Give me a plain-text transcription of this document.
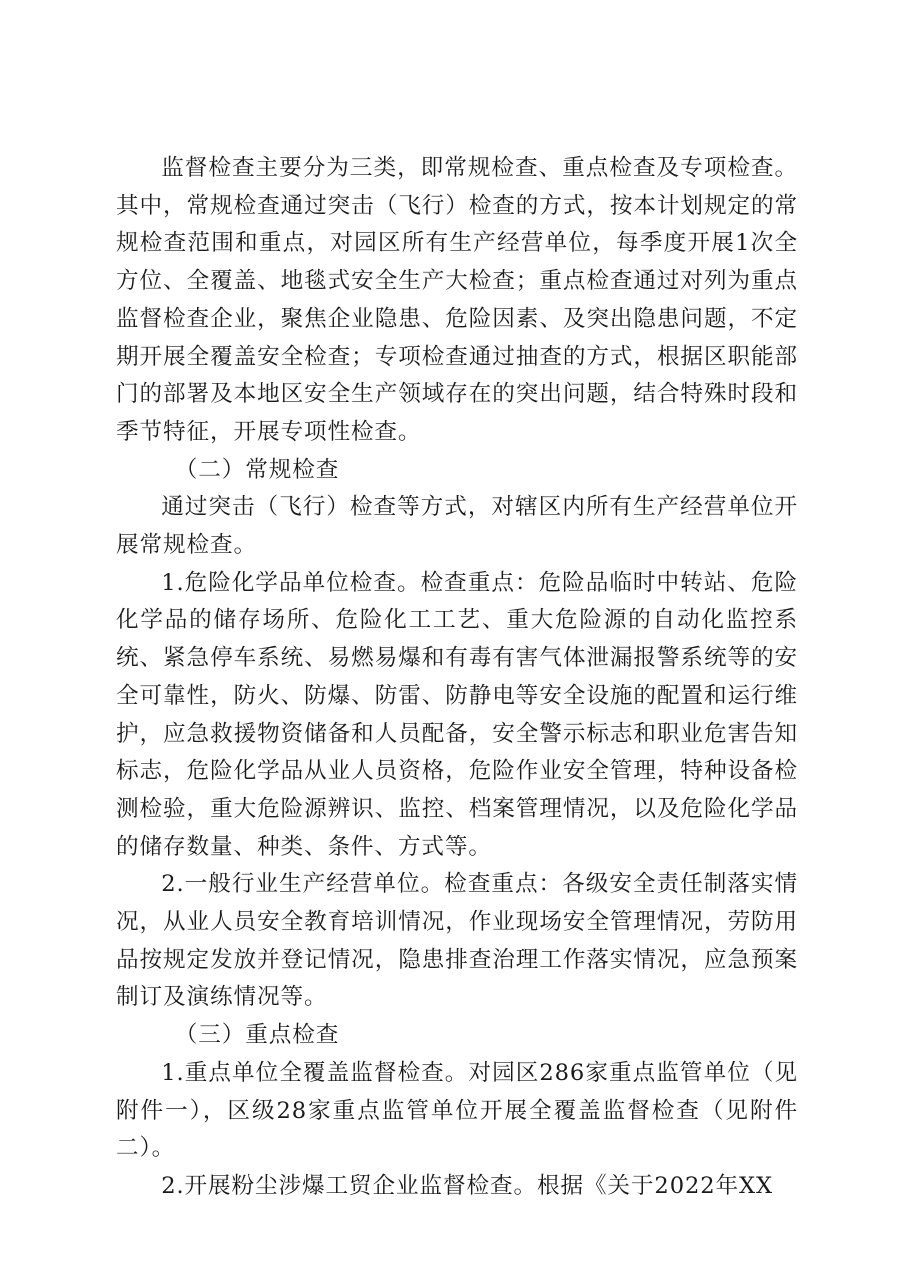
监督检查主要分为三类，即常规检查、重点检查及专项检查。其中，常规检查通过突击（飞行）检查的方式，按本计划规定的常规检查范围和重点，对园区所有生产经营单位，每季度开展1次全方位、全覆盖、地毯式安全生产大检查；重点检查通过对列为重点监督检查企业，聚焦企业隐患、危险因素、及突出隐患问题，不定期开展全覆盖安全检查；专项检查通过抽查的方式，根据区职能部门的部署及本地区安全生产领域存在的突出问题，结合特殊时段和季节特征，开展专项性检查。

（二）常规检查

通过突击（飞行）检查等方式，对辖区内所有生产经营单位开展常规检查。

1.危险化学品单位检查。检查重点：危险品临时中转站、危险化学品的储存场所、危险化工工艺、重大危险源的自动化监控系统、紧急停车系统、易燃易爆和有毒有害气体泄漏报警系统等的安全可靠性，防火、防爆、防雷、防静电等安全设施的配置和运行维护，应急救援物资储备和人员配备，安全警示标志和职业危害告知标志，危险化学品从业人员资格，危险作业安全管理，特种设备检测检验，重大危险源辨识、监控、档案管理情况，以及危险化学品的储存数量、种类、条件、方式等。

2.一般行业生产经营单位。检查重点：各级安全责任制落实情况，从业人员安全教育培训情况，作业现场安全管理情况，劳防用品按规定发放并登记情况，隐患排查治理工作落实情况，应急预案制订及演练情况等。

（三）重点检查

1.重点单位全覆盖监督检查。对园区286家重点监管单位（见附件一），区级28家重点监管单位开展全覆盖监督检查（见附件二）。

2.开展粉尘涉爆工贸企业监督检查。根据《关于2022年XX
